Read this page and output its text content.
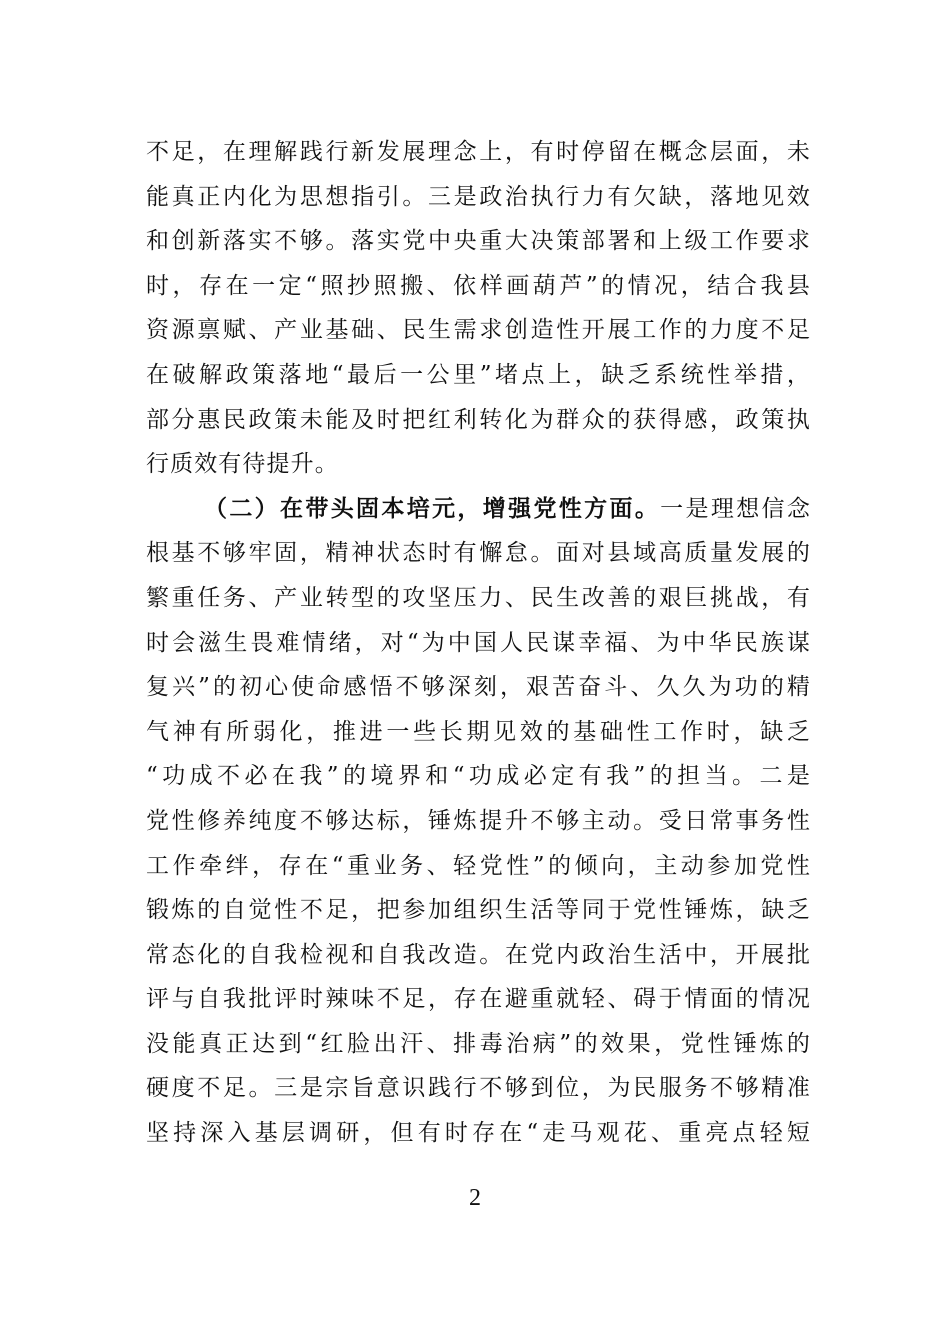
不足，在理解践行新发展理念上，有时停留在概念层面，未
能真正内化为思想指引。三是政治执行力有欠缺，落地见效
和创新落实不够。落实党中央重大决策部署和上级工作要求
时，存在一定“照抄照搬、依样画葫芦”的情况，结合我县
资源禀赋、产业基础、民生需求创造性开展工作的力度不足
在破解政策落地“最后一公里”堵点上，缺乏系统性举措，
部分惠民政策未能及时把红利转化为群众的获得感，政策执
行质效有待提升。
（二）在带头固本培元，增强党性方面。一是理想信念
根基不够牢固，精神状态时有懈怠。面对县域高质量发展的
繁重任务、产业转型的攻坚压力、民生改善的艰巨挑战，有
时会滋生畏难情绪，对“为中国人民谋幸福、为中华民族谋
复兴”的初心使命感悟不够深刻，艰苦奋斗、久久为功的精
气神有所弱化，推进一些长期见效的基础性工作时，缺乏
“功成不必在我”的境界和“功成必定有我”的担当。二是
党性修养纯度不够达标，锤炼提升不够主动。受日常事务性
工作牵绊，存在“重业务、轻党性”的倾向，主动参加党性
锻炼的自觉性不足，把参加组织生活等同于党性锤炼，缺乏
常态化的自我检视和自我改造。在党内政治生活中，开展批
评与自我批评时辣味不足，存在避重就轻、碍于情面的情况
没能真正达到“红脸出汗、排毒治病”的效果，党性锤炼的
硬度不足。三是宗旨意识践行不够到位，为民服务不够精准
坚持深入基层调研，但有时存在“走马观花、重亮点轻短
2
